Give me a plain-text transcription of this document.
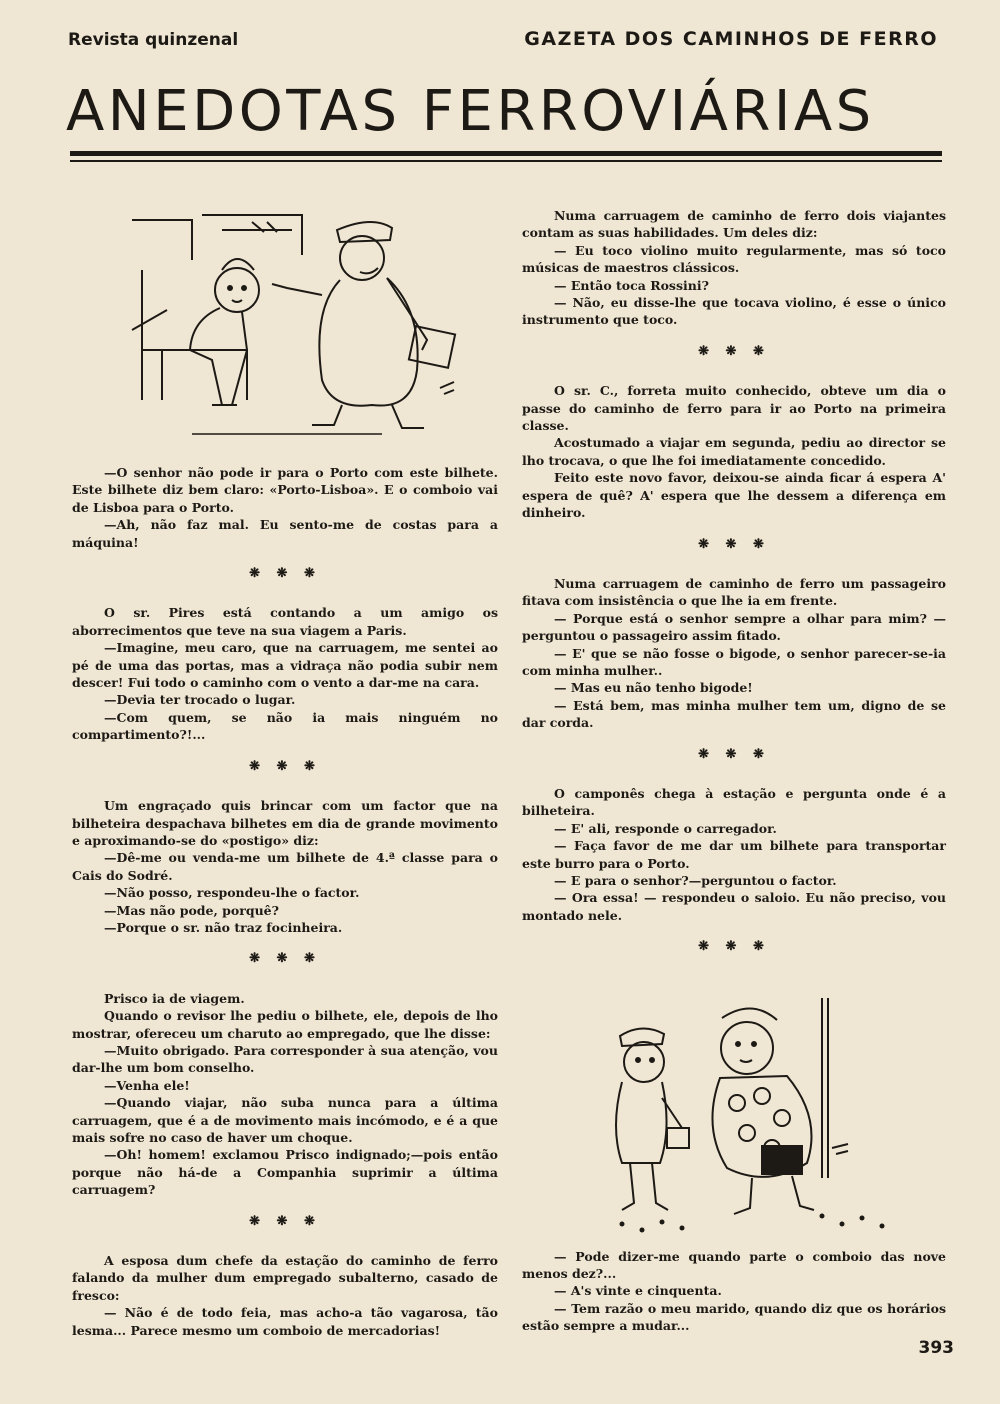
Revista quinzenal	GAZETA DOS CAMINHOS DE FERRO
ANEDOTAS FERROVIÁRIAS

—O senhor não pode ir para o Porto com este bilhete. Este bilhete diz bem claro: «Porto-Lisboa». E o comboio vai de Lisboa para o Porto.

—Ah, não faz mal. Eu sento-me de costas para a máquina!

❋ ❋ ❋

O sr. Pires está contando a um amigo os aborrecimentos que teve na sua viagem a Paris.

—Imagine, meu caro, que na carruagem, me sentei ao pé de uma das portas, mas a vidraça não podia subir nem descer! Fui todo o caminho com o vento a dar-me na cara.

—Devia ter trocado o lugar.

—Com quem, se não ia mais ninguém no compartimento?!...

❋ ❋ ❋

Um engraçado quis brincar com um factor que na bilheteira despachava bilhetes em dia de grande movimento e aproximando-se do «postigo» diz:

—Dê-me ou venda-me um bilhete de 4.ª classe para o Cais do Sodré.

—Não posso, respondeu-lhe o factor.

—Mas não pode, porquê?

—Porque o sr. não traz focinheira.

❋ ❋ ❋

Prisco ia de viagem.

Quando o revisor lhe pediu o bilhete, ele, depois de lho mostrar, ofereceu um charuto ao empregado, que lhe disse:

—Muito obrigado. Para corresponder à sua atenção, vou dar-lhe um bom conselho.

—Venha ele!

—Quando viajar, não suba nunca para a última carruagem, que é a de movimento mais incómodo, e é a que mais sofre no caso de haver um choque.

—Oh! homem! exclamou Prisco indignado;—pois então porque não há-de a Companhia suprimir a última carruagem?

❋ ❋ ❋

A esposa dum chefe da estação do caminho de ferro falando da mulher dum empregado subalterno, casado de fresco:

— Não é de todo feia, mas acho-a tão vagarosa, tão lesma... Parece mesmo um comboio de mercadorias!

Numa carruagem de caminho de ferro dois viajantes contam as suas habilidades. Um deles diz:

— Eu toco violino muito regularmente, mas só toco músicas de maestros clássicos.

— Então toca Rossini?

— Não, eu disse-lhe que tocava violino, é esse o único instrumento que toco.

❋ ❋ ❋

O sr. C., forreta muito conhecido, obteve um dia o passe do caminho de ferro para ir ao Porto na primeira classe.

Acostumado a viajar em segunda, pediu ao director se lho trocava, o que lhe foi imediatamente concedido.

Feito este novo favor, deixou-se ainda ficar á espera A' espera de quê? A' espera que lhe dessem a diferença em dinheiro.

❋ ❋ ❋

Numa carruagem de caminho de ferro um passageiro fitava com insistência o que lhe ia em frente.

— Porque está o senhor sempre a olhar para mim? — perguntou o passageiro assim fitado.

— E' que se não fosse o bigode, o senhor parecer-se-ia com minha mulher..

— Mas eu não tenho bigode!

— Está bem, mas minha mulher tem um, digno de se dar corda.

❋ ❋ ❋

O camponês chega à estação e pergunta onde é a bilheteira.

— E' ali, responde o carregador.

— Faça favor de me dar um bilhete para transportar este burro para o Porto.

— E para o senhor?—perguntou o factor.

— Ora essa! — respondeu o saloio. Eu não preciso, vou montado nele.

❋ ❋ ❋

— Pode dizer-me quando parte o comboio das nove menos dez?...

— A's vinte e cinquenta.

— Tem razão o meu marido, quando diz que os horários estão sempre a mudar...

393
